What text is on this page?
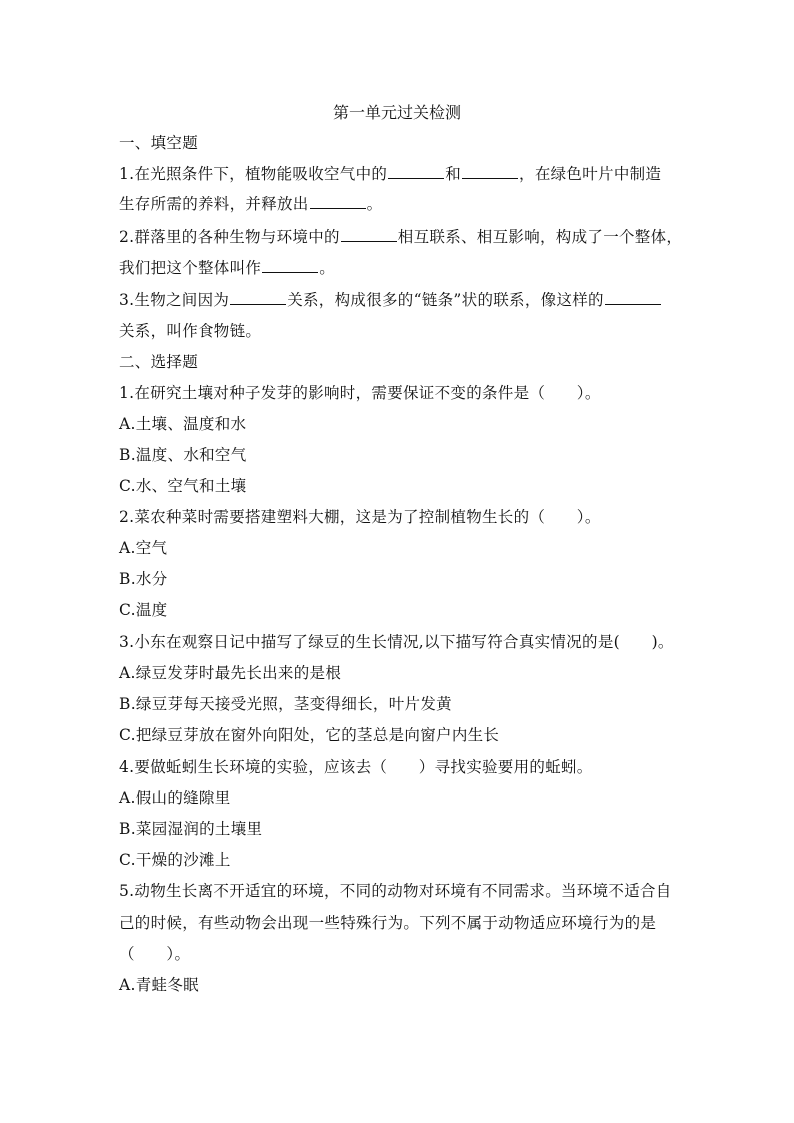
第一单元过关检测
一、填空题
1.在光照条件下，植物能吸收空气中的	和	，在绿色叶片中制造
生存所需的养料，并释放出	。
2.群落里的各种生物与环境中的	相互联系、相互影响，构成了一个整体，
我们把这个整体叫作	。
3.生物之间因为	关系，构成很多的“链条”状的联系，像这样的
关系，叫作食物链。
二、选择题
1.在研究土壤对种子发芽的影响时，需要保证不变的条件是（　　）。
A.土壤、温度和水
B.温度、水和空气
C.水、空气和土壤
2.菜农种菜时需要搭建塑料大棚，这是为了控制植物生长的（　　）。
A.空气
B.水分
C.温度
3.小东在观察日记中描写了绿豆的生长情况,以下描写符合真实情况的是(　　)。
A.绿豆发芽时最先长出来的是根
B.绿豆芽每天接受光照，茎变得细长，叶片发黄
C.把绿豆芽放在窗外向阳处，它的茎总是向窗户内生长
4.要做蚯蚓生长环境的实验，应该去（　　）寻找实验要用的蚯蚓。
A.假山的缝隙里
B.菜园湿润的土壤里
C.干燥的沙滩上
5.动物生长离不开适宜的环境，不同的动物对环境有不同需求。当环境不适合自
己的时候，有些动物会出现一些特殊行为。下列不属于动物适应环境行为的是
（　　）。
A.青蛙冬眠
